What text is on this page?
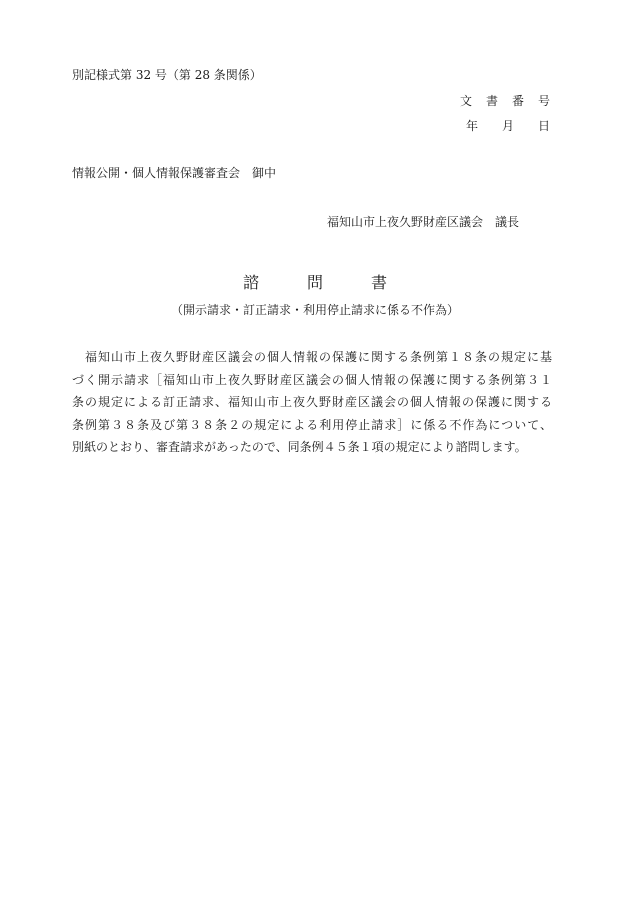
別記様式第 32 号（第 28 条関係）
文 書 番 号
年 月 日
情報公開・個人情報保護審査会　御中
福知山市上夜久野財産区議会　議長
諮　問　書
（開示請求・訂正請求・利用停止請求に係る不作為）
　福知山市上夜久野財産区議会の個人情報の保護に関する条例第１８条の規定に基
づく開示請求［福知山市上夜久野財産区議会の個人情報の保護に関する条例第３１
条の規定による訂正請求、福知山市上夜久野財産区議会の個人情報の保護に関する
条例第３８条及び第３８条２の規定による利用停止請求］に係る不作為について、
別紙のとおり、審査請求があったので、同条例４５条１項の規定により諮問します。
